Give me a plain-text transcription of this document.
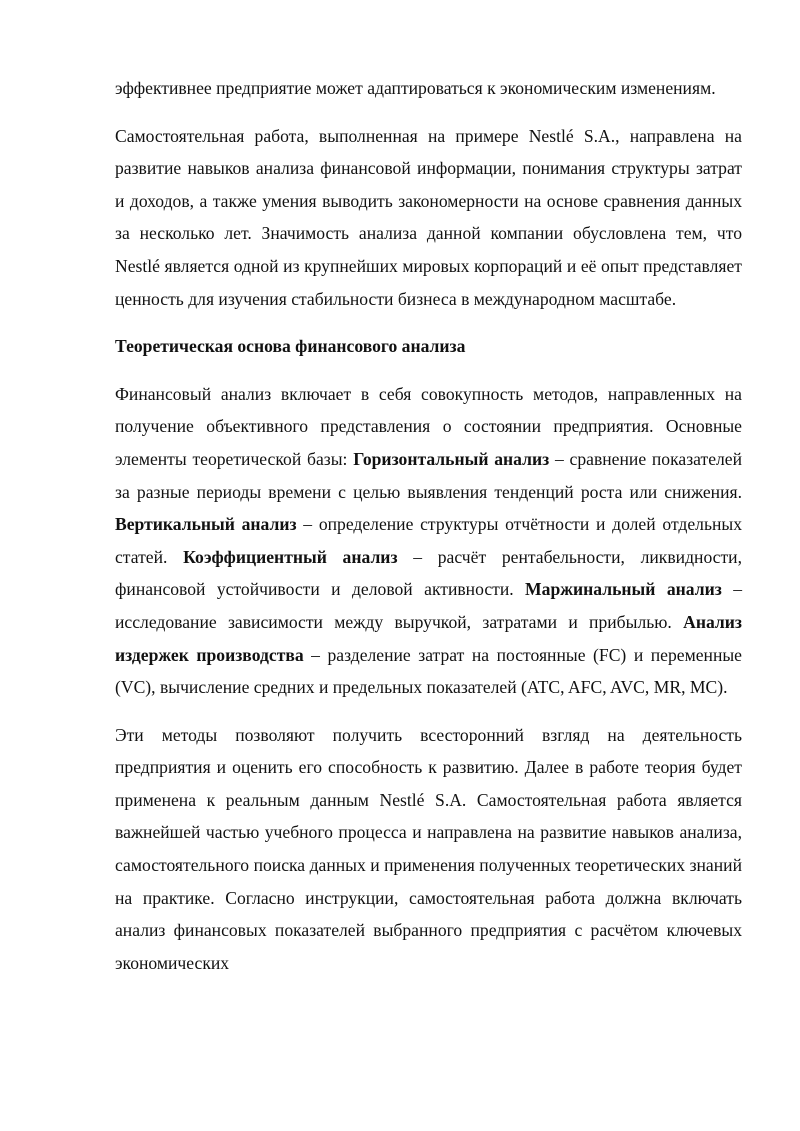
эффективнее предприятие может адаптироваться к экономическим изменениям.

Самостоятельная работа, выполненная на примере Nestlé S.A., направлена на развитие навыков анализа финансовой информации, понимания структуры затрат и доходов, а также умения выводить закономерности на основе сравнения данных за несколько лет. Значимость анализа данной компании обусловлена тем, что Nestlé является одной из крупнейших мировых корпораций и её опыт представляет ценность для изучения стабильности бизнеса в международном масштабе.

Теоретическая основа финансового анализа

Финансовый анализ включает в себя совокупность методов, направленных на получение объективного представления о состоянии предприятия. Основные элементы теоретической базы: Горизонтальный анализ – сравнение показателей за разные периоды времени с целью выявления тенденций роста или снижения. Вертикальный анализ – определение структуры отчётности и долей отдельных статей. Коэффициентный анализ – расчёт рентабельности, ликвидности, финансовой устойчивости и деловой активности. Маржинальный анализ – исследование зависимости между выручкой, затратами и прибылью. Анализ издержек производства – разделение затрат на постоянные (FC) и переменные (VC), вычисление средних и предельных показателей (ATC, AFC, AVC, MR, MC).

Эти методы позволяют получить всесторонний взгляд на деятельность предприятия и оценить его способность к развитию. Далее в работе теория будет применена к реальным данным Nestlé S.A. Самостоятельная работа является важнейшей частью учебного процесса и направлена на развитие навыков анализа, самостоятельного поиска данных и применения полученных теоретических знаний на практике. Согласно инструкции, самостоятельная работа должна включать анализ финансовых показателей выбранного предприятия с расчётом ключевых экономических
